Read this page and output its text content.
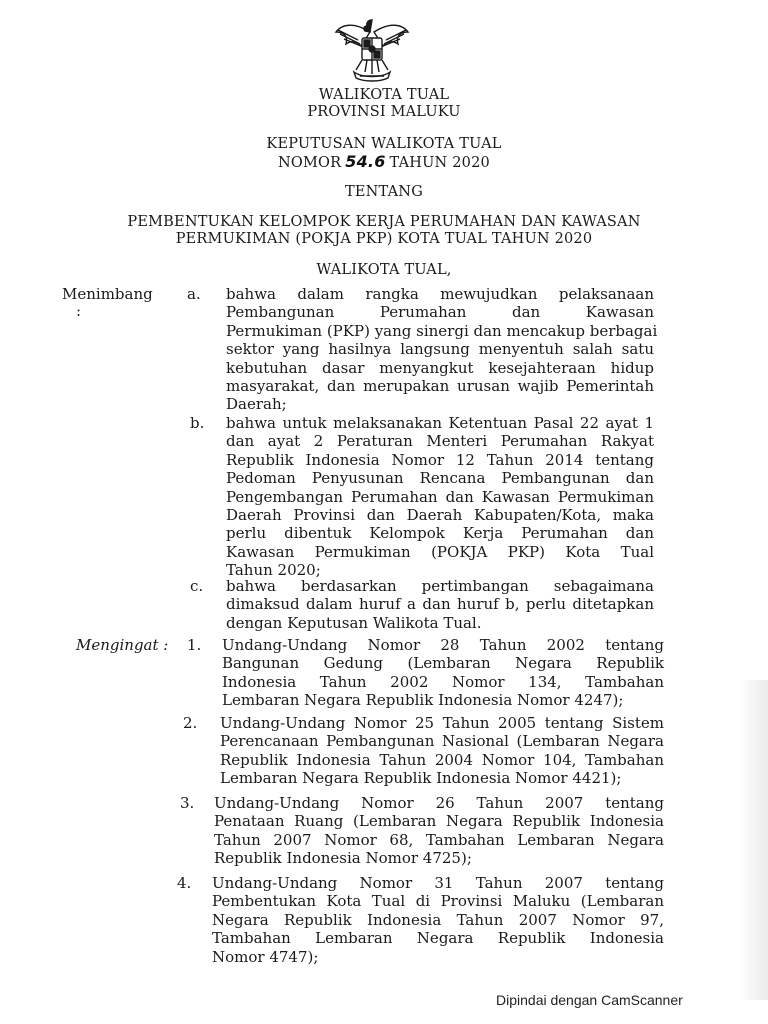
WALIKOTA TUAL
PROVINSI MALUKU
KEPUTUSAN WALIKOTA TUAL
NOMOR 54.6 TAHUN 2020
TENTANG
PEMBENTUKAN KELOMPOK KERJA PERUMAHAN DAN KAWASAN
PERMUKIMAN (POKJA PKP) KOTA TUAL TAHUN 2020
WALIKOTA TUAL,
Menimbang
:
a. bahwa dalam rangka mewujudkan pelaksanaan
Pembangunan Perumahan dan Kawasan
Permukiman (PKP) yang sinergi dan mencakup berbagai
sektor yang hasilnya langsung menyentuh salah satu
kebutuhan dasar menyangkut kesejahteraan hidup
masyarakat, dan merupakan urusan wajib Pemerintah
Daerah;
b. bahwa untuk melaksanakan Ketentuan Pasal 22 ayat 1
dan ayat 2 Peraturan Menteri Perumahan Rakyat
Republik Indonesia Nomor 12 Tahun 2014 tentang
Pedoman Penyusunan Rencana Pembangunan dan
Pengembangan Perumahan dan Kawasan Permukiman
Daerah Provinsi dan Daerah Kabupaten/Kota, maka
perlu dibentuk Kelompok Kerja Perumahan dan
Kawasan Permukiman (POKJA PKP) Kota Tual
Tahun 2020;
c. bahwa berdasarkan pertimbangan sebagaimana
dimaksud dalam huruf a dan huruf b, perlu ditetapkan
dengan Keputusan Walikota Tual.
Mengingat : 1. Undang-Undang Nomor 28 Tahun 2002 tentang
Bangunan Gedung (Lembaran Negara Republik
Indonesia Tahun 2002 Nomor 134, Tambahan
Lembaran Negara Republik Indonesia Nomor 4247);
2. Undang-Undang Nomor 25 Tahun 2005 tentang Sistem
Perencanaan Pembangunan Nasional (Lembaran Negara
Republik Indonesia Tahun 2004 Nomor 104, Tambahan
Lembaran Negara Republik Indonesia Nomor 4421);
3. Undang-Undang Nomor 26 Tahun 2007 tentang
Penataan Ruang (Lembaran Negara Republik Indonesia
Tahun 2007 Nomor 68, Tambahan Lembaran Negara
Republik Indonesia Nomor 4725);
4. Undang-Undang Nomor 31 Tahun 2007 tentang
Pembentukan Kota Tual di Provinsi Maluku (Lembaran
Negara Republik Indonesia Tahun 2007 Nomor 97,
Tambahan Lembaran Negara Republik Indonesia
Nomor 4747);
Dipindai dengan CamScanner
